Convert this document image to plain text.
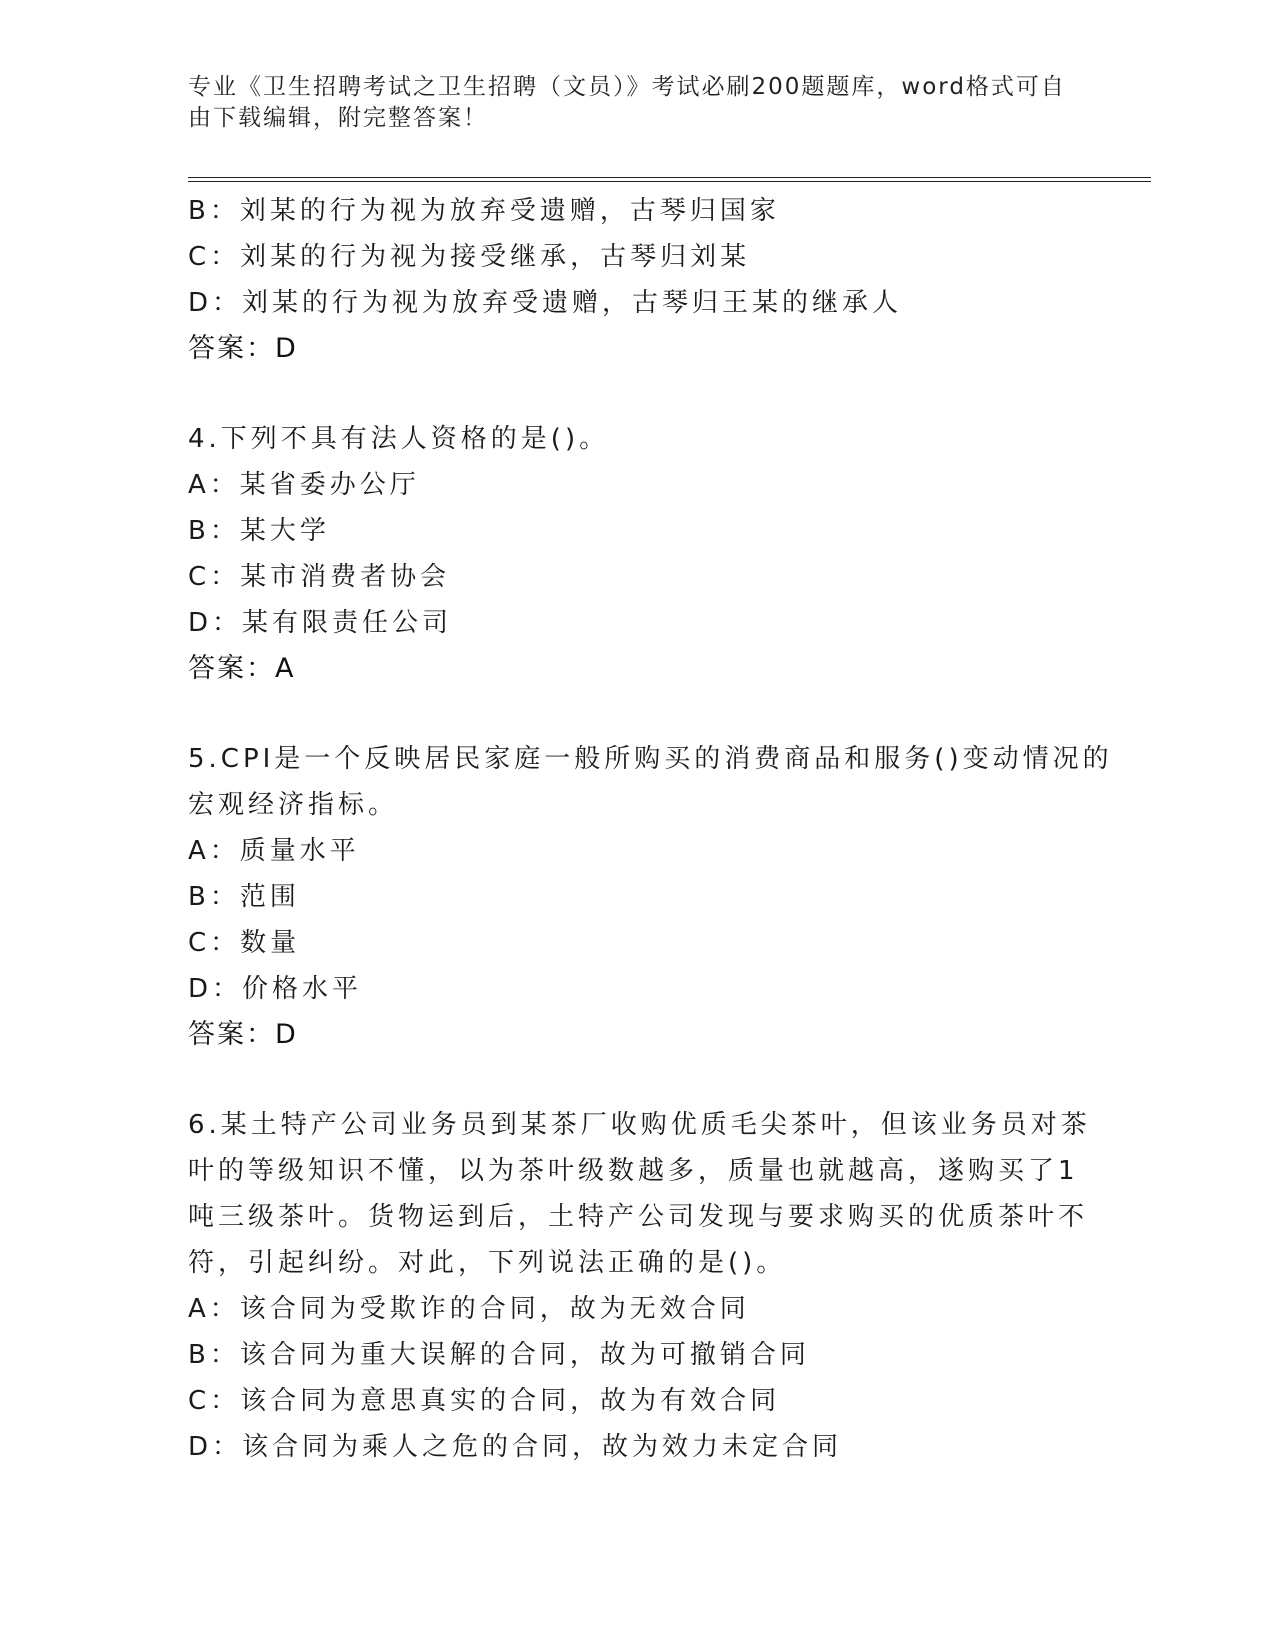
专业《卫生招聘考试之卫生招聘（文员）》考试必刷200题题库，word格式可自
由下载编辑，附完整答案！
B：刘某的行为视为放弃受遗赠，古琴归国家
C：刘某的行为视为接受继承，古琴归刘某
D：刘某的行为视为放弃受遗赠，古琴归王某的继承人
答案：D
4.下列不具有法人资格的是()。
A：某省委办公厅
B：某大学
C：某市消费者协会
D：某有限责任公司
答案：A
5.CPI是一个反映居民家庭一般所购买的消费商品和服务()变动情况的
宏观经济指标。
A：质量水平
B：范围
C：数量
D：价格水平
答案：D
6.某土特产公司业务员到某茶厂收购优质毛尖茶叶，但该业务员对茶
叶的等级知识不懂，以为茶叶级数越多，质量也就越高，遂购买了1
吨三级茶叶。货物运到后，土特产公司发现与要求购买的优质茶叶不
符，引起纠纷。对此，下列说法正确的是()。
A：该合同为受欺诈的合同，故为无效合同
B：该合同为重大误解的合同，故为可撤销合同
C：该合同为意思真实的合同，故为有效合同
D：该合同为乘人之危的合同，故为效力未定合同
